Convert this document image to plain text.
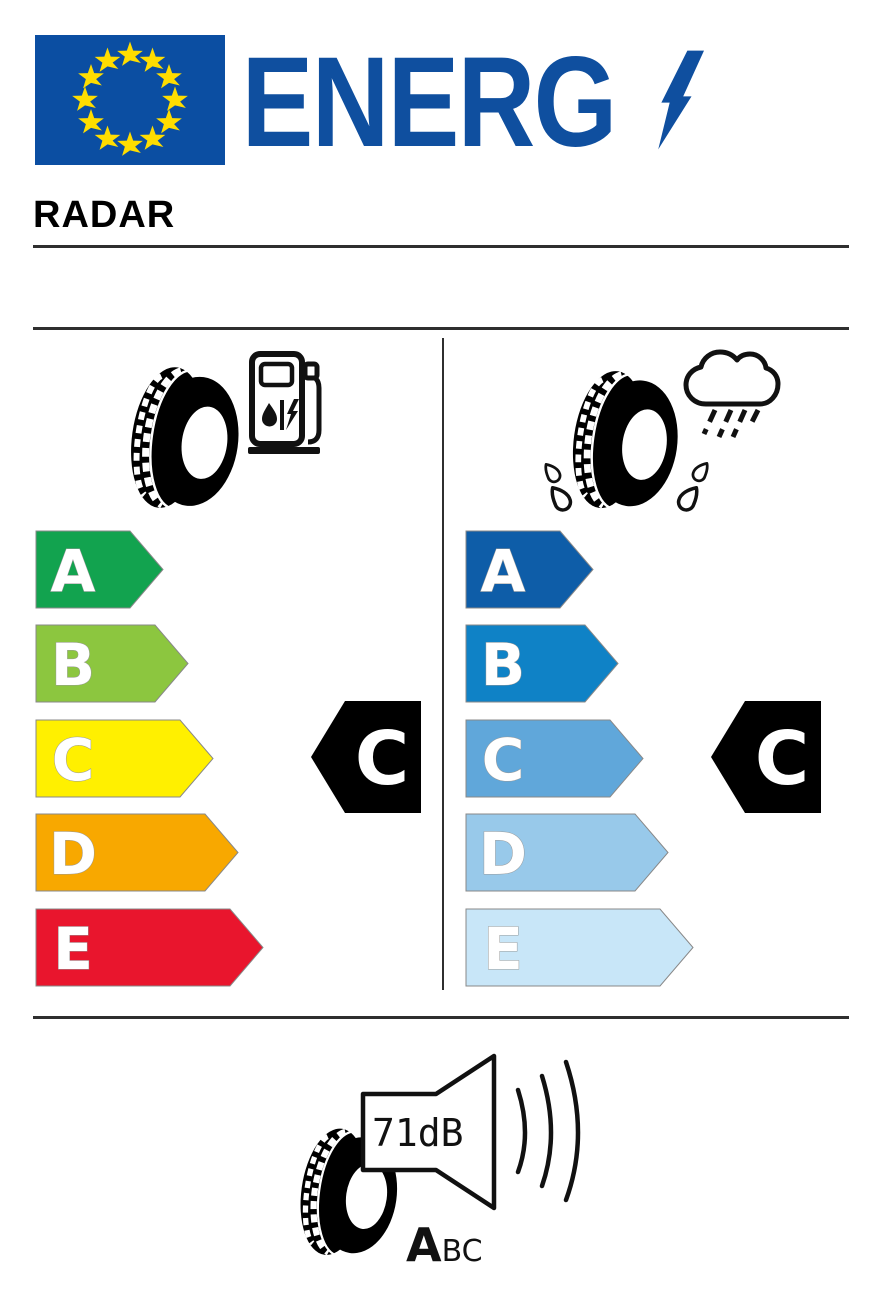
ENERG
RADAR
A
B
C
D
E
C
A
B
C
D
E
C
71dB
ABC
